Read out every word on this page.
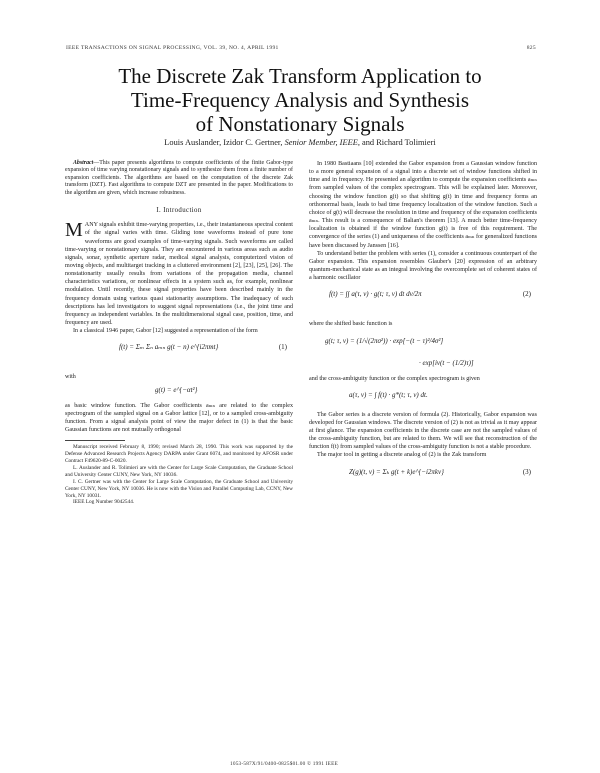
IEEE TRANSACTIONS ON SIGNAL PROCESSING, VOL. 39, NO. 4, APRIL 1991	825
The Discrete Zak Transform Application to
Time-Frequency Analysis and Synthesis
of Nonstationary Signals
Louis Auslander, Izidor C. Gertner, Senior Member, IEEE, and Richard Tolimieri

Abstract—This paper presents algorithms to compute coefficients of the finite Gabor-type expansion of time varying nonstationary signals and to synthesize them from a finite number of expansion coefficients. The algorithms are based on the computation of the discrete Zak transform (DZT). Fast algorithms to compute DZT are presented in the paper. Modifications to the algorithm are given, which increase robustness.

I. Introduction

MANY signals exhibit time-varying properties, i.e., their instantaneous spectral content of the signal varies with time. Gliding tone waveforms instead of pure tone waveforms are good examples of time-varying signals. Such waveforms are called time-varying or nonstationary signals. They are encountered in various areas such as audio signals, sonar, synthetic aperture radar, medical signal analysis, computerized vision of moving objects, and multitarget tracking in a cluttered environment [2], [23], [25], [26]. The nonstationarity usually results from variations of the propagation media, channel characteristics variations, or nonlinear effects in a system such as, for example, nonlinear modulation. Until recently, these signal properties have been described mainly in the frequency domain using various quasi stationarity assumptions. The inadequacy of such descriptions has led investigators to suggest signal representations (i.e., the joint time and frequency as independent variables. In the multidimensional signal case, position, time, and frequency are used.

In a classical 1946 paper, Gabor [12] suggested a representation of the form

f(t) = Σₘ Σₙ aₘₙ g(t − n) e^{i2πmt}	(1)

with

g(t) = e^{−αt²}

as basic window function. The Gabor coefficients aₘₙ are related to the complex spectrogram of the sampled signal on a Gabor lattice [12], or to a sampled cross-ambiguity function. From a signal analysis point of view the major defect in (1) is that the basic Gaussian functions are not mutually orthogonal

Manuscript received February 8, 1990; revised March 28, 1990. This work was supported by the Defense Advanced Research Projects Agency DARPA under Grant 6074, and monitored by AFOSR under Contract F49620-89-C-0020.

L. Auslander and R. Tolimieri are with the Center for Large Scale Computation, the Graduate School and University Center CUNY, New York, NY 10036.

I. C. Gertner was with the Center for Large Scale Computation, the Graduate School and University Center CUNY, New York, NY 10036. He is now with the Vision and Parallel Computing Lab, CCNY, New York, NY 10031.

IEEE Log Number 9042544.

In 1980 Bastiaans [10] extended the Gabor expansion from a Gaussian window function to a more general expansion of a signal into a discrete set of window functions shifted in time and in frequency. He presented an algorithm to compute the expansion coefficients aₘₙ from sampled values of the complex spectrogram. This will be explained later. Moreover, choosing the window function g(t) so that shifting g(t) in time and frequency forms an orthonormal basis, leads to bad time frequency localization of the window function. Such a choice of g(t) will decrease the resolution in time and frequency of the expansion coefficients aₘₙ. This result is a consequence of Balian's theorem [13]. A much better time-frequency localization is obtained if the window function g(t) is free of this requirement. The convergence of the series (1) and uniqueness of the coefficients aₘₙ for generalized functions have been discussed by Janssen [16].

To understand better the problem with series (1), consider a continuous counterpart of the Gabor expansion. This expansion resembles Glauber's [20] expression of an arbitrary quantum-mechanical state as an integral involving the overcomplete set of coherent states of a harmonic oscillator

f(t) = ∫∫ a(τ, ν) · g(t; τ, ν) dt dν/2π	(2)

where the shifted basic function is

g(t; τ, ν) = (1/√(2πσ²)) · exp[−(t − τ)²/4σ²]
· exp[iν(t − (1/2)τ)]

and the cross-ambiguity function or the complex spectrogram is given

a(τ, ν) = ∫ f(t) · g*(t; τ, ν) dt.

The Gabor series is a discrete version of formula (2). Historically, Gabor expansion was developed for Gaussian windows. The discrete version of (2) is not as trivial as it may appear at first glance. The expansion coefficients in the discrete case are not the sampled values of the cross-ambiguity function, but are related to them. We will see that reconstruction of the function f(t) from sampled values of the cross-ambiguity function is not a stable procedure.

The major tool in getting a discrete analog of (2) is the Zak transform

Z(g)(t, ν) = Σₖ g(t + k)e^{−i2πkν}	(3)
1053-587X/91/0400-0825$01.00 © 1991 IEEE
